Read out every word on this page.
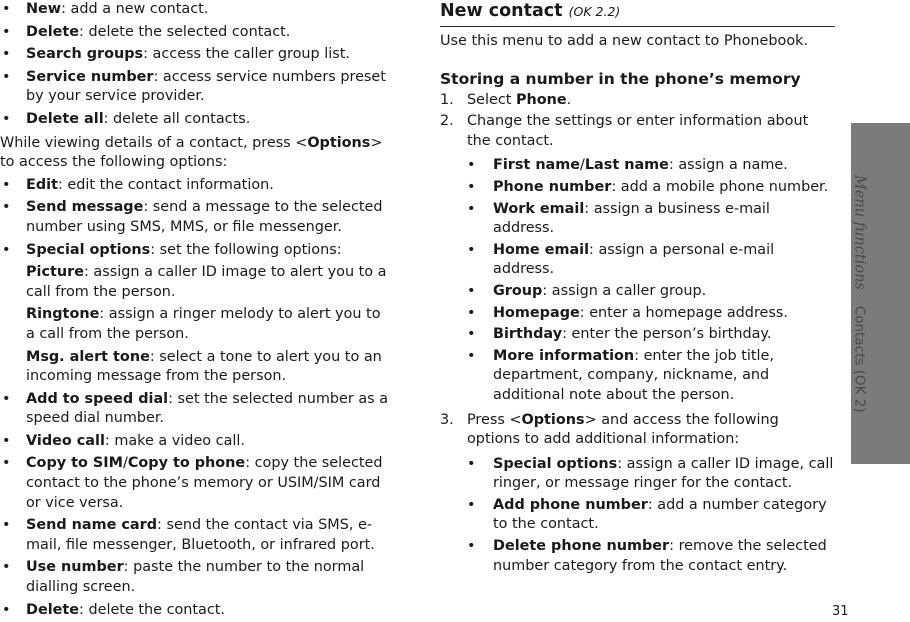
• New: add a new contact.

• Delete: delete the selected contact.

• Search groups: access the caller group list.

• Service number: access service numbers preset by your service provider.

• Delete all: delete all contacts.

While viewing details of a contact, press <Options> to access the following options:

• Edit: edit the contact information.

• Send message: send a message to the selected number using SMS, MMS, or file messenger.

• Special options: set the following options:

Picture: assign a caller ID image to alert you to a call from the person.

Ringtone: assign a ringer melody to alert you to a call from the person.

Msg. alert tone: select a tone to alert you to an incoming message from the person.

• Add to speed dial: set the selected number as a speed dial number.

• Video call: make a video call.

• Copy to SIM/Copy to phone: copy the selected contact to the phone’s memory or USIM/SIM card or vice versa.

• Send name card: send the contact via SMS, e-mail, file messenger, Bluetooth, or infrared port.

• Use number: paste the number to the normal dialling screen.

• Delete: delete the contact.

New contact (OK 2.2)

Use this menu to add a new contact to Phonebook.

Storing a number in the phone’s memory

1. Select Phone.

2. Change the settings or enter information about the contact.

• First name/Last name: assign a name.

• Phone number: add a mobile phone number.

• Work email: assign a business e-mail address.

• Home email: assign a personal e-mail address.

• Group: assign a caller group.

• Homepage: enter a homepage address.

• Birthday: enter the person’s birthday.

• More information: enter the job title, department, company, nickname, and additional note about the person.

3. Press <Options> and access the following options to add additional information:

• Special options: assign a caller ID image, call ringer, or message ringer for the contact.

• Add phone number: add a number category to the contact.

• Delete phone number: remove the selected number category from the contact entry.

Menu functionsContacts (OK 2)
31
